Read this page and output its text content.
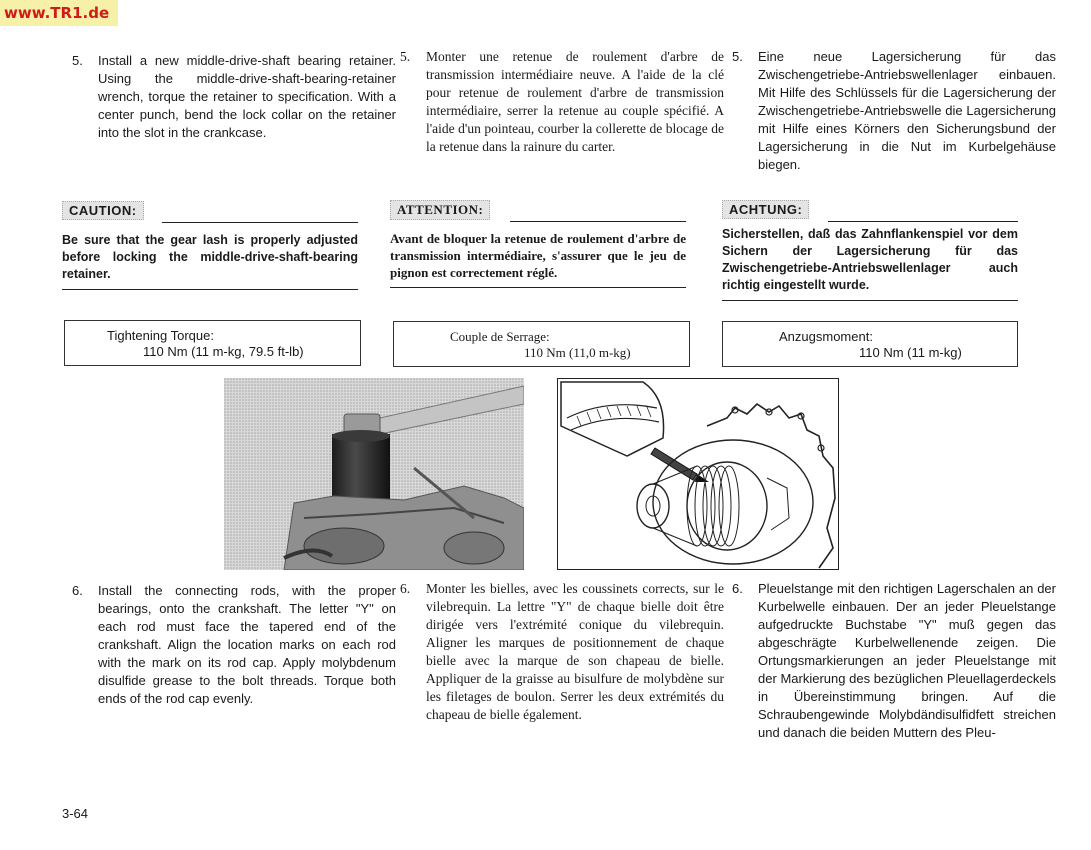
www.TR1.de
5. Install a new middle-drive-shaft bearing retainer. Using the middle-drive-shaft-bearing-retainer wrench, torque the retainer to specification. With a center punch, bend the lock collar on the retainer into the slot in the crankcase.
5. Monter une retenue de roulement d'arbre de transmission intermédiaire neuve. A l'aide de la clé pour retenue de roulement d'arbre de transmission intermédiaire, serrer la retenue au couple spécifié. A l'aide d'un pointeau, courber la collerette de blocage de la retenue dans la rainure du carter.
5. Eine neue Lagersicherung für das Zwischengetriebe-Antriebswellenlager einbauen. Mit Hilfe des Schlüssels für die Lagersicherung der Zwischengetriebe-Antriebswelle die Lagersicherung mit Hilfe eines Körners den Sicherungsbund der Lagersicherung in die Nut im Kurbelgehäuse biegen.
CAUTION:
Be sure that the gear lash is properly adjusted before locking the middle-drive-shaft-bearing retainer.
ATTENTION:
Avant de bloquer la retenue de roulement d'arbre de transmission intermédiaire, s'assurer que le jeu de pignon est correctement réglé.
ACHTUNG:
Sicherstellen, daß das Zahnflankenspiel vor dem Sichern der Lagersicherung für das Zwischengetriebe-Antriebswellenlager auch richtig eingestellt wurde.
Tightening Torque:
110 Nm (11 m-kg, 79.5 ft-lb)
Couple de Serrage:
110 Nm (11,0 m-kg)
Anzugsmoment:
110 Nm (11 m-kg)
6. Install the connecting rods, with the proper bearings, onto the crankshaft. The letter "Y" on each rod must face the tapered end of the crankshaft. Align the location marks on each rod with the mark on its rod cap. Apply molybdenum disulfide grease to the bolt threads. Torque both ends of the rod cap evenly.
6. Monter les bielles, avec les coussinets corrects, sur le vilebrequin. La lettre "Y" de chaque bielle doit être dirigée vers l'extrémité conique du vilebrequin. Aligner les marques de positionnement de chaque bielle avec la marque de son chapeau de bielle. Appliquer de la graisse au bisulfure de molybdène sur les filetages de boulon. Serrer les deux extrémités du chapeau de bielle également.
6. Pleuelstange mit den richtigen Lagerschalen an der Kurbelwelle einbauen. Der an jeder Pleuelstange aufgedruckte Buchstabe "Y" muß gegen das abgeschrägte Kurbelwellenende zeigen. Die Ortungsmarkierungen an jeder Pleuelstange mit der Markierung des bezüglichen Pleuellagerdeckels in Übereinstimmung bringen. Auf die Schraubengewinde Molybdändisulfidfett streichen und danach die beiden Muttern des Pleu-
3-64
